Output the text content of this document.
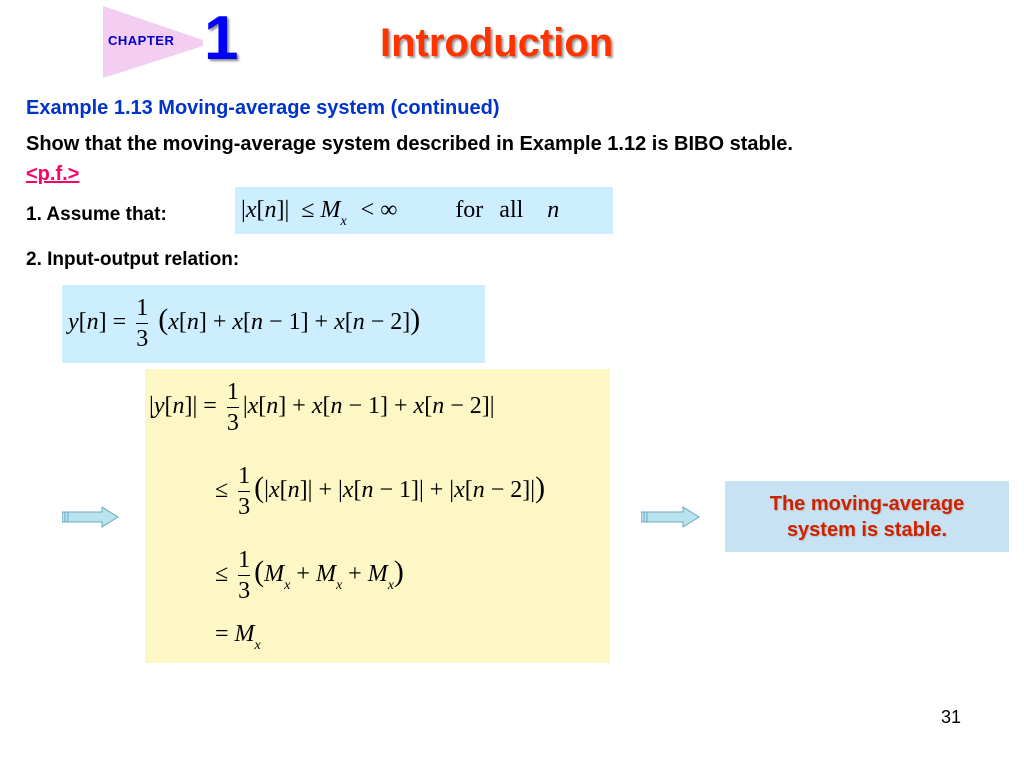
CHAPTER 1	Introduction
Example 1.13 Moving-average system (continued)
Show that the moving-average system described in Example 1.12 is BIBO stable.
<p.f.>
1. Assume that:
2. Input-output relation:
$|x[n]| \le M_x$ < ∞ for all n
$y[n] = \frac{1}{3} (x[n] + x[n - 1] + x[n - 2])$
$|y[n]| = \frac{1}{3} |x[n] + x[n - 1] + x[n - 2]|$
≤ $\frac{1}{3} (|x[n]| + |x[n - 1]| + |x[n - 2]|)$
≤ $\frac{1}{3} (M_x + M_x + M_x)$
= $M_x$
The moving-average
system is stable.
31
